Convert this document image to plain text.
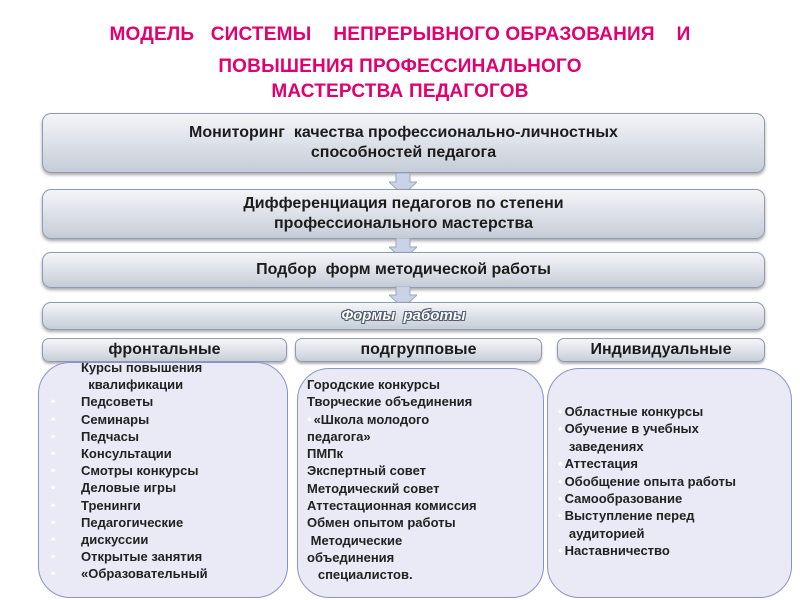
МОДЕЛЬ   СИСТЕМЫ    НЕПРЕРЫВНОГО ОБРАЗОВАНИЯ    И
ПОВЫШЕНИЯ ПРОФЕССИНАЛЬНОГО
МАСТЕРСТВА ПЕДАГОГОВ
Мониторинг  качества профессионально-личностных
способностей педагога
Дифференциация педагогов по степени
профессионального мастерства
Подбор  форм методической работы
Формы  работы
фронтальные	подгрупповые	Индивидуальные
Курсы повышения
квалификации
• Педсоветы
• Семинары
• Педчасы
• Консультации
• Смотры конкурсы
• Деловые игры
• Тренинги
• Педагогические
• дискуссии
• Открытые занятия
• «Образовательный
Городские конкурсы
Творческие объединения
• «Школа молодого
педагога»
ПМПк
Экспертный совет
Методический совет
Аттестационная комиссия
Обмен опытом работы
Методические
объединения
специалистов.
• Областные конкурсы
• Обучение в учебных
заведениях
• Аттестация
• Обобщение опыта работы
• Самообразование
• Выступление перед
аудиторией
• Наставничество
